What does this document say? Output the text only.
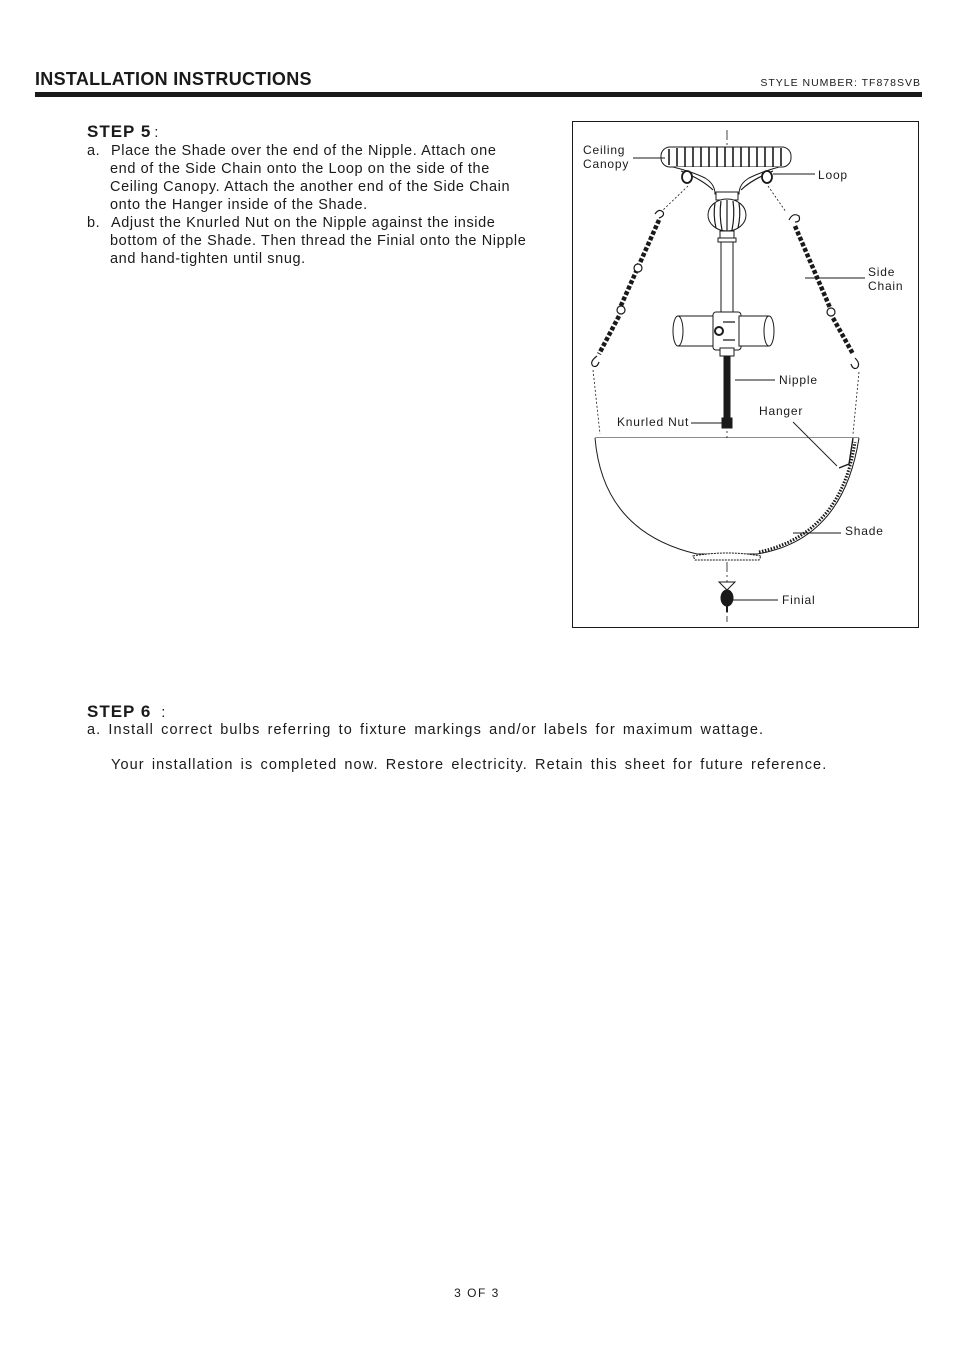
INSTALLATION INSTRUCTIONS	STYLE NUMBER: TF878SVB
STEP 5 :
a. Place the Shade over the end of the Nipple. Attach one
end of the Side Chain onto the Loop on the side of the
Ceiling Canopy. Attach the another end of the Side Chain
onto the Hanger inside of the Shade.
b. Adjust the Knurled Nut on the Nipple against the inside
bottom of the Shade. Then thread the Finial onto the Nipple
and hand-tighten until snug.
Ceiling
Canopy
Loop
Side
Chain
Nipple
Hanger
Knurled Nut
Shade
Finial
STEP 6 :
a. Install correct bulbs referring to fixture markings and/or labels for maximum wattage.
Your installation is completed now. Restore electricity. Retain this sheet for future reference.
3 OF 3
